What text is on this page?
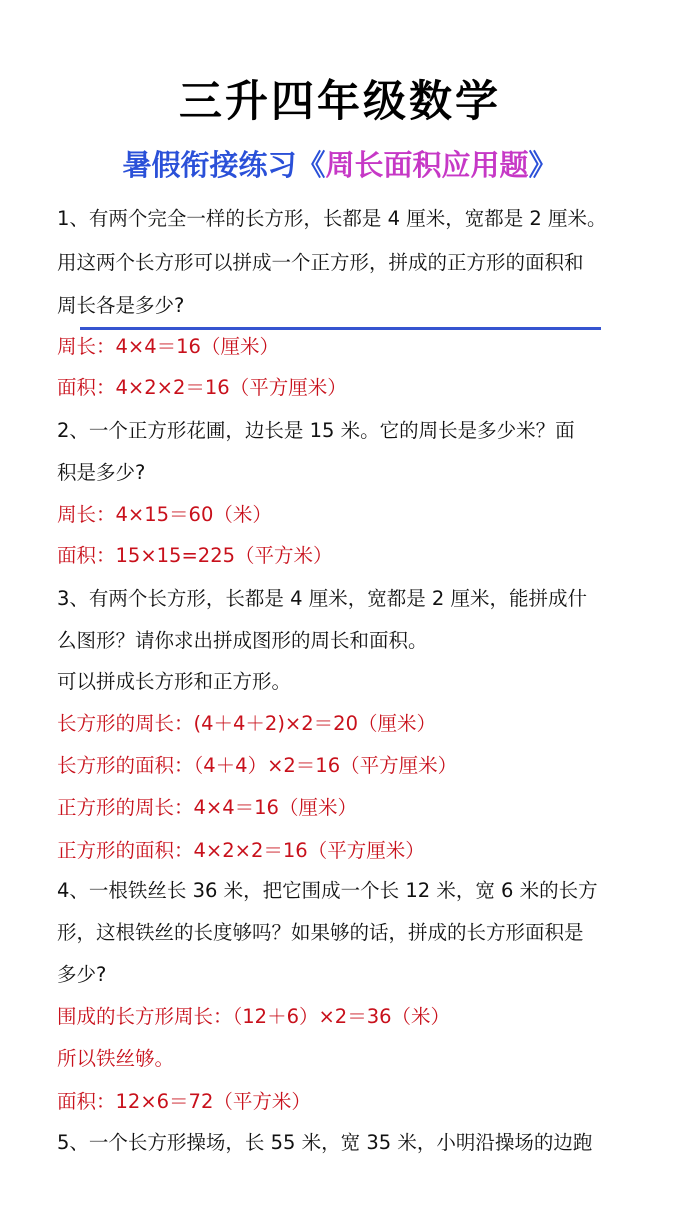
三升四年级数学
暑假衔接练习《周长面积应用题》
1、有两个完全一样的长方形，长都是 4 厘米，宽都是 2 厘米。
用这两个长方形可以拼成一个正方形，拼成的正方形的面积和
周长各是多少?
周长：4×4＝16（厘米）
面积：4×2×2＝16（平方厘米）
2、一个正方形花圃，边长是 15 米。它的周长是多少米？面
积是多少?
周长：4×15＝60（米）
面积：15×15=225（平方米）
3、有两个长方形，长都是 4 厘米，宽都是 2 厘米，能拼成什
么图形？请你求出拼成图形的周长和面积。
可以拼成长方形和正方形。
长方形的周长：(4＋4＋2)×2＝20（厘米）
长方形的面积：（4＋4）×2＝16（平方厘米）
正方形的周长：4×4＝16（厘米）
正方形的面积：4×2×2＝16（平方厘米）
4、一根铁丝长 36 米，把它围成一个长 12 米，宽 6 米的长方
形，这根铁丝的长度够吗？如果够的话，拼成的长方形面积是
多少?
围成的长方形周长：（12＋6）×2＝36（米）
所以铁丝够。
面积：12×6＝72（平方米）
5、一个长方形操场，长 55 米，宽 35 米，小明沿操场的边跑
